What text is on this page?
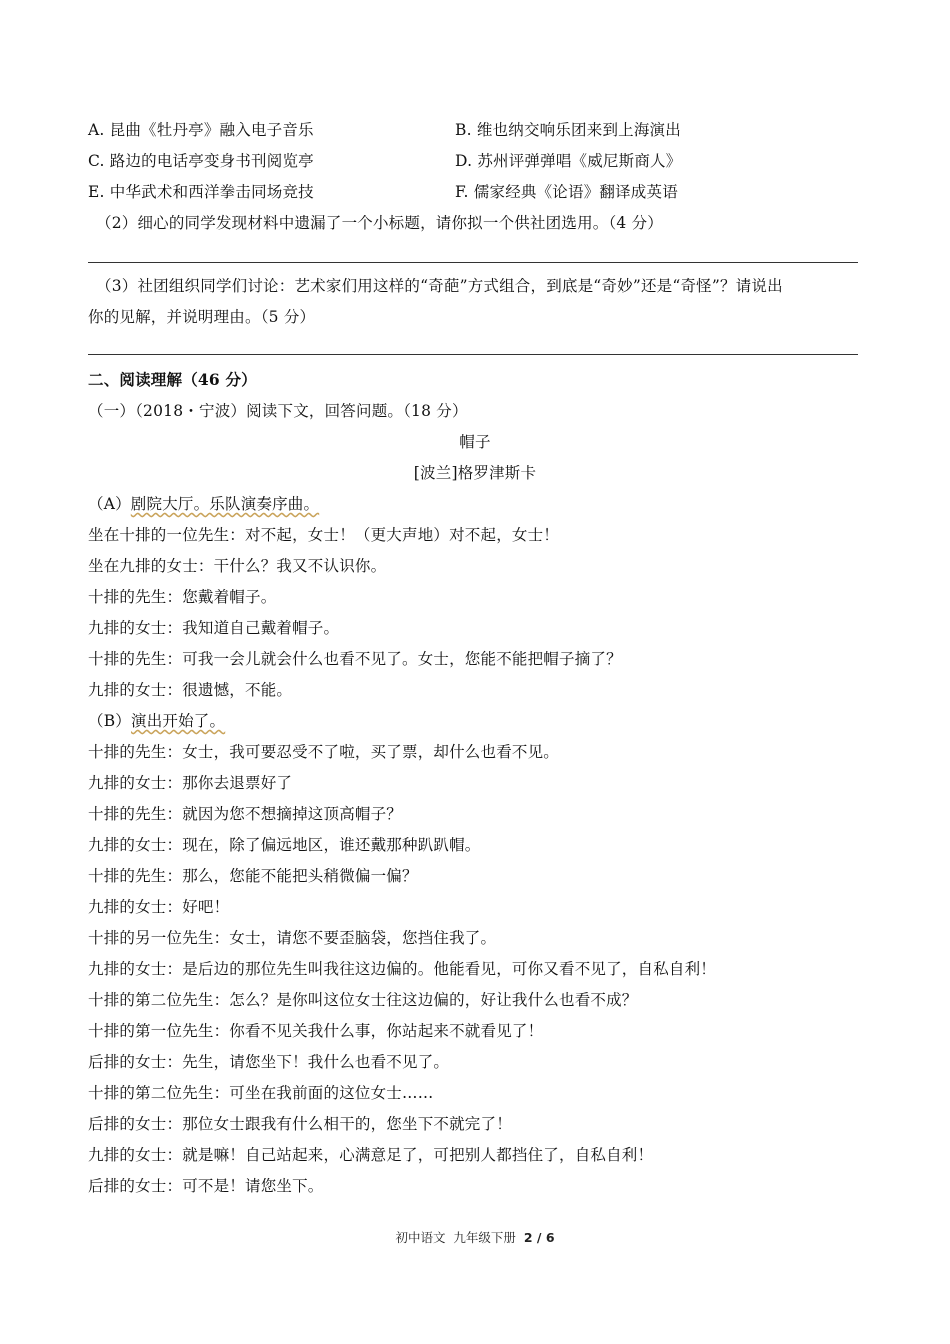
A. 昆曲《牡丹亭》融入电子音乐	B. 维也纳交响乐团来到上海演出
C. 路边的电话亭变身书刊阅览亭	D. 苏州评弹弹唱《威尼斯商人》
E. 中华武术和西洋拳击同场竞技	F. 儒家经典《论语》翻译成英语
（2）细心的同学发现材料中遗漏了一个小标题，请你拟一个供社团选用。（4 分）
（3）社团组织同学们讨论：艺术家们用这样的“奇葩”方式组合，到底是“奇妙”还是“奇怪”？请说出
你的见解，并说明理由。（5 分）
二、阅读理解（46 分）
（一）（2018・宁波）阅读下文，回答问题。（18 分）
帽子
[波兰]格罗津斯卡
（A）剧院大厅。乐队演奏序曲。
坐在十排的一位先生：对不起，女士！（更大声地）对不起，女士！
坐在九排的女士：干什么？我又不认识你。
十排的先生：您戴着帽子。
九排的女士：我知道自己戴着帽子。
十排的先生：可我一会儿就会什么也看不见了。女士，您能不能把帽子摘了？
九排的女士：很遗憾，不能。
（B）演出开始了。
十排的先生：女士，我可要忍受不了啦，买了票，却什么也看不见。
九排的女士：那你去退票好了
十排的先生：就因为您不想摘掉这顶高帽子？
九排的女士：现在，除了偏远地区，谁还戴那种趴趴帽。
十排的先生：那么，您能不能把头稍微偏一偏？
九排的女士：好吧！
十排的另一位先生：女士，请您不要歪脑袋，您挡住我了。
九排的女士：是后边的那位先生叫我往这边偏的。他能看见，可你又看不见了，自私自利！
十排的第二位先生：怎么？是你叫这位女士往这边偏的，好让我什么也看不成？
十排的第一位先生：你看不见关我什么事，你站起来不就看见了！
后排的女士：先生，请您坐下！我什么也看不见了。
十排的第二位先生：可坐在我前面的这位女士……
后排的女士：那位女士跟我有什么相干的，您坐下不就完了！
九排的女士：就是嘛！自己站起来，心满意足了，可把别人都挡住了，自私自利！
后排的女士：可不是！请您坐下。
初中语文  九年级下册  2 / 6
